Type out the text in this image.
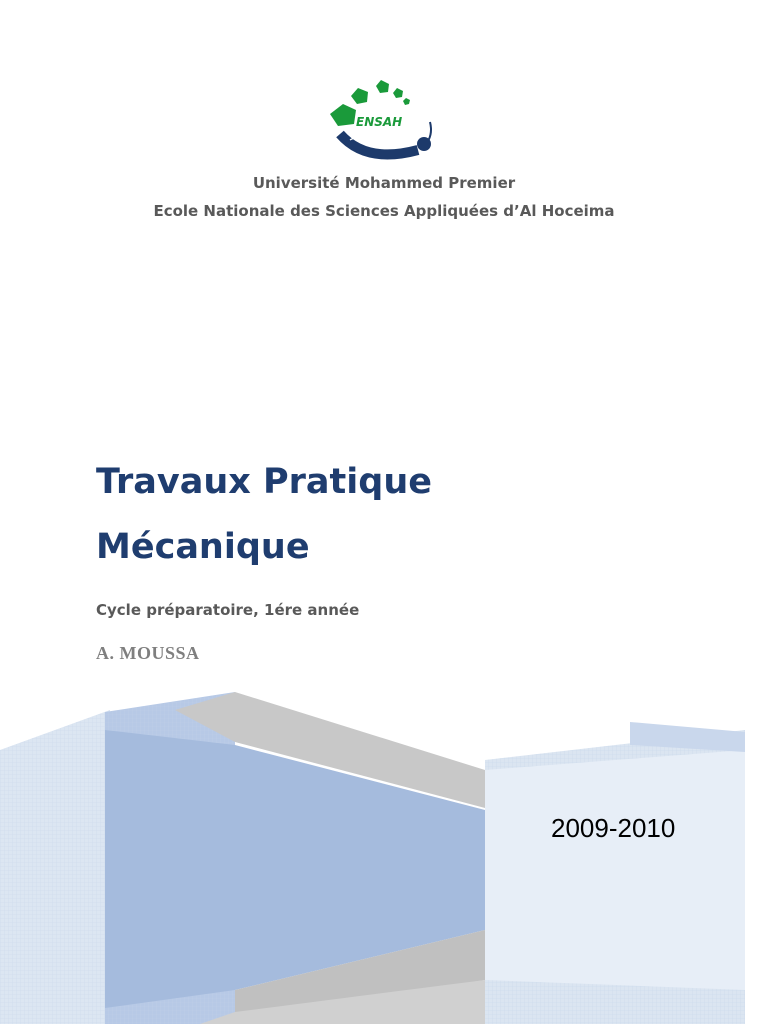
ENSAH
Université Mohammed Premier
Ecole Nationale des Sciences Appliquées d’Al Hoceima
Travaux Pratique
Mécanique
Cycle préparatoire, 1ére année
A. MOUSSA
2009-2010
